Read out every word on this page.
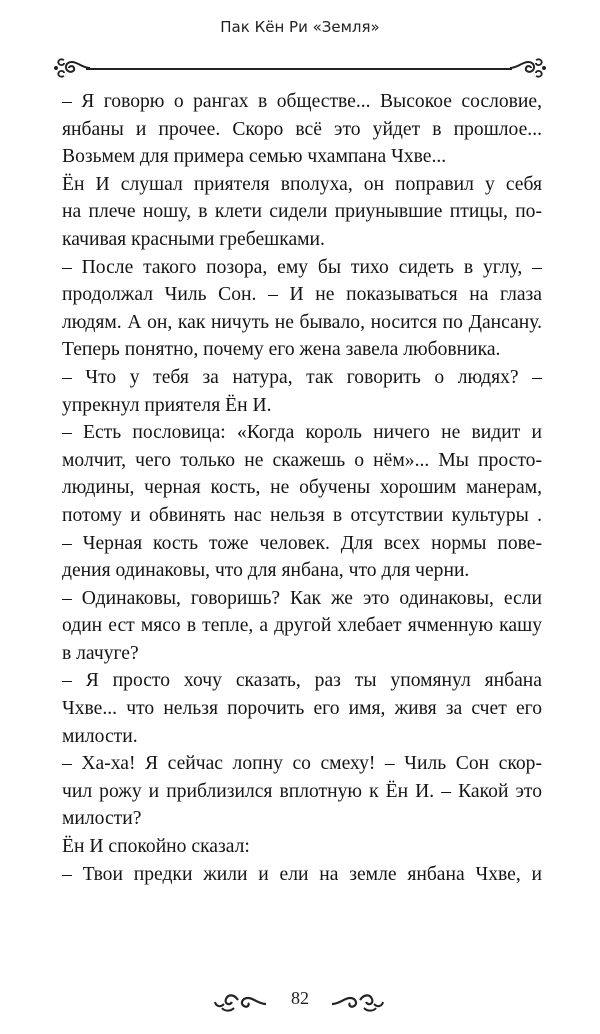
Пак Кён Ри «Земля»
– Я говорю о рангах в обществе... Высокое сословие,
янбаны и прочее. Скоро всё это уйдет в прошлое...
Возьмем для примера семью чхампана Чхве...
Ён И слушал приятеля вполуха, он поправил у себя
на плече ношу, в клети сидели приунывшие птицы, по-
качивая красными гребешками.
– После такого позора, ему бы тихо сидеть в углу, –
продолжал Чиль Сон. – И не показываться на глаза
людям. А он, как ничуть не бывало, носится по Дансану.
Теперь понятно, почему его жена завела любовника.
– Что у тебя за натура, так говорить о людях? –
упрекнул приятеля Ён И.
– Есть пословица: «Когда король ничего не видит и
молчит, чего только не скажешь о нём»... Мы просто-
людины, черная кость, не обучены хорошим манерам,
потому и обвинять нас нельзя в отсутствии культуры .
– Черная кость тоже человек. Для всех нормы пове-
дения одинаковы, что для янбана, что для черни.
– Одинаковы, говоришь? Как же это одинаковы, если
один ест мясо в тепле, а другой хлебает ячменную кашу
в лачуге?
– Я просто хочу сказать, раз ты упомянул янбана
Чхве... что нельзя порочить его имя, живя за счет его
милости.
– Ха-ха! Я сейчас лопну со смеху! – Чиль Сон скор-
чил рожу и приблизился вплотную к Ён И. – Какой это
милости?
Ён И спокойно сказал:
– Твои предки жили и ели на земле янбана Чхве, и
82
